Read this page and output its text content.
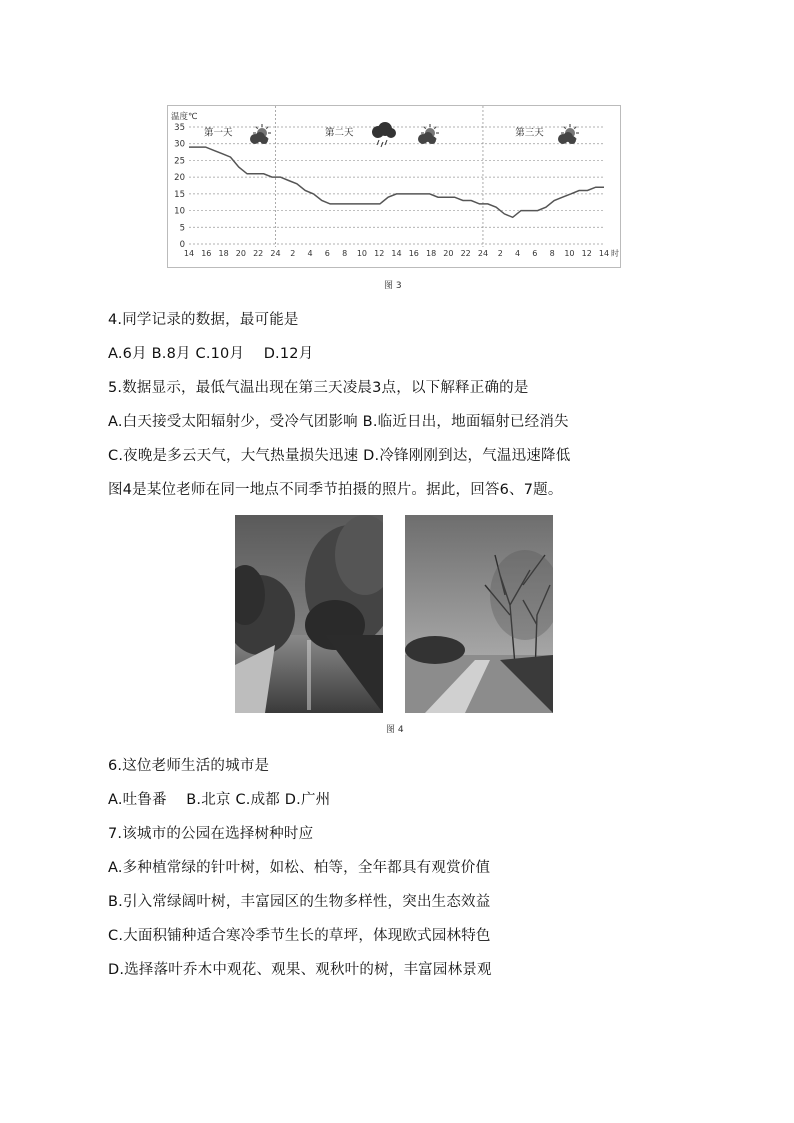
0
5
10
15
20
25
30
35
温度℃
14 16 18 20 22 24 2 4 6 8 10 12 14 16 18 20 22 24 2 4 6 8 10 12 14 时
第一天	第二天	第三天
图 3
4.同学记录的数据，最可能是
A.6月 B.8月 C.10月　 D.12月
5.数据显示，最低气温出现在第三天凌晨3点，以下解释正确的是
A.白天接受太阳辐射少，受冷气团影响 B.临近日出，地面辐射已经消失
C.夜晚是多云天气，大气热量损失迅速 D.冷锋刚刚到达，气温迅速降低
图4是某位老师在同一地点不同季节拍摄的照片。据此，回答6、7题。
图 4
6.这位老师生活的城市是
A.吐鲁番　 B.北京 C.成都 D.广州
7.该城市的公园在选择树种时应
A.多种植常绿的针叶树，如松、柏等，全年都具有观赏价值
B.引入常绿阔叶树，丰富园区的生物多样性，突出生态效益
C.大面积铺种适合寒冷季节生长的草坪，体现欧式园林特色
D.选择落叶乔木中观花、观果、观秋叶的树，丰富园林景观
